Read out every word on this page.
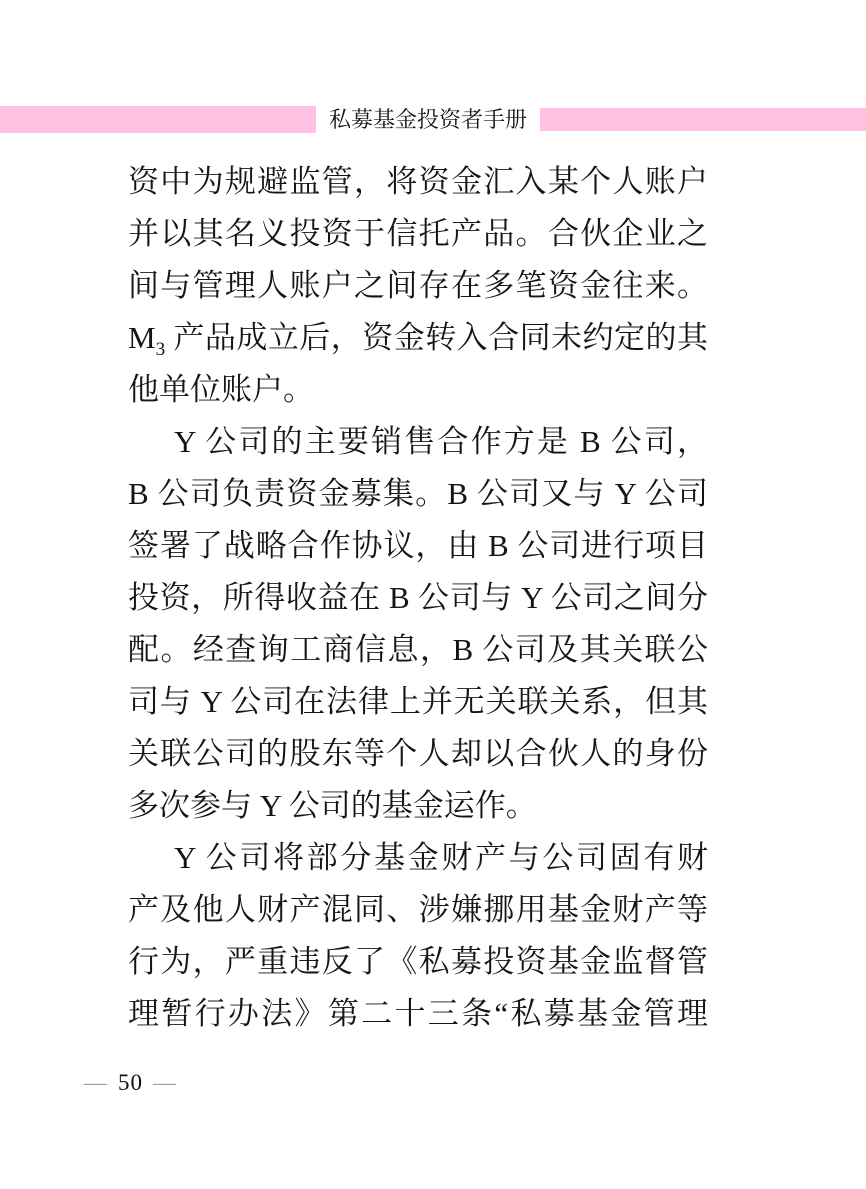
私募基金投资者手册
资中为规避监管，将资金汇入某个人账户
并以其名义投资于信托产品。合伙企业之
间与管理人账户之间存在多笔资金往来。
$M_3$ 产品成立后，资金转入合同未约定的其
他单位账户。
Y 公司的主要销售合作方是 B 公司，
B 公司负责资金募集。B 公司又与 Y 公司
签署了战略合作协议，由 B 公司进行项目
投资，所得收益在 B 公司与 Y 公司之间分
配。经查询工商信息，B 公司及其关联公
司与 Y 公司在法律上并无关联关系，但其
关联公司的股东等个人却以合伙人的身份
多次参与 Y 公司的基金运作。
Y 公司将部分基金财产与公司固有财
产及他人财产混同、涉嫌挪用基金财产等
行为，严重违反了《私募投资基金监督管
理暂行办法》第二十三条“私募基金管理
— 50 —
